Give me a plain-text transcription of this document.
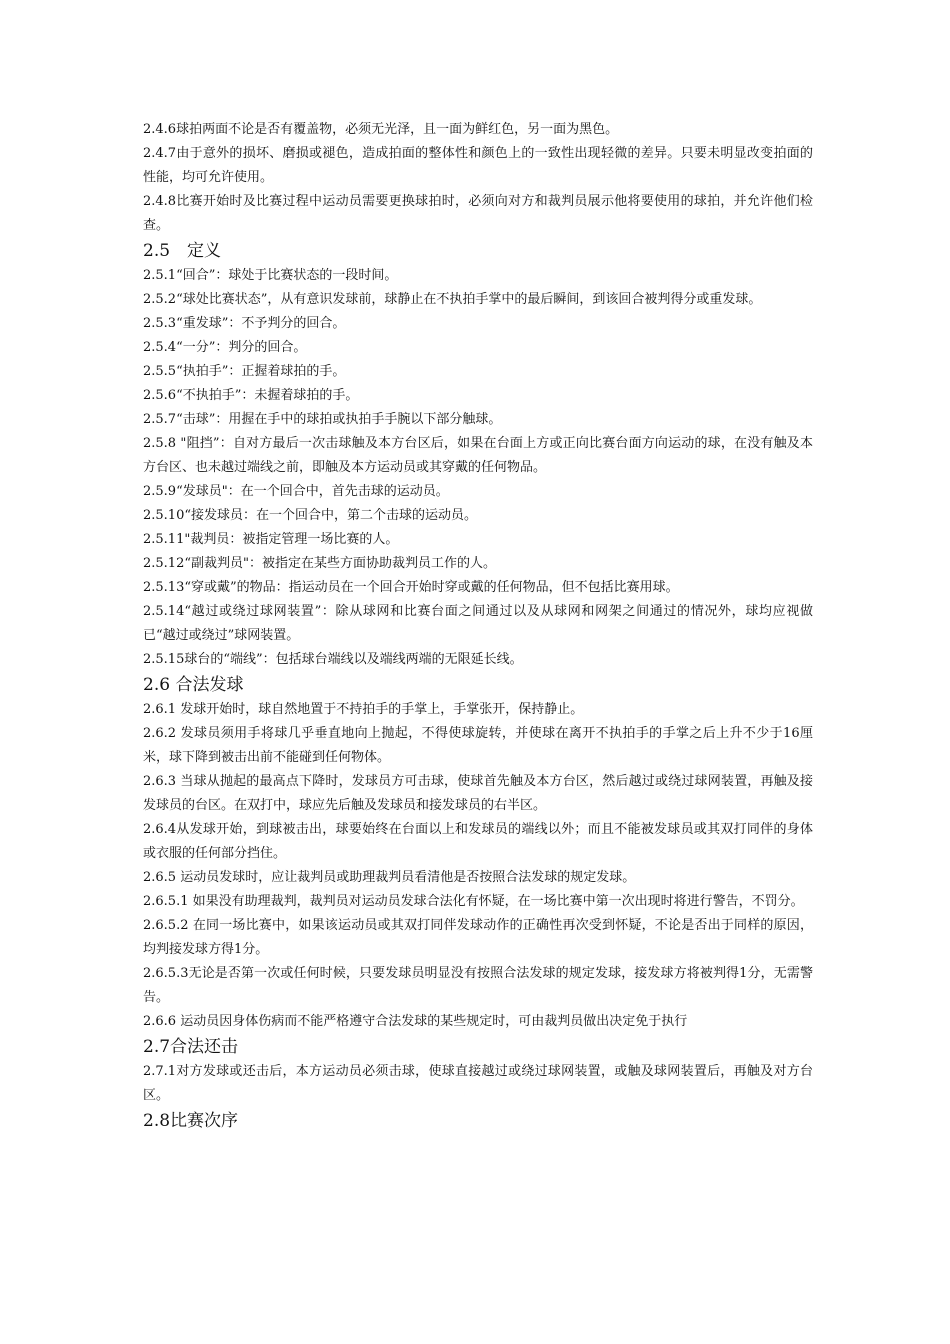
2.4.6球拍两面不论是否有覆盖物，必须无光泽，且一面为鲜红色，另一面为黑色。

2.4.7由于意外的损坏、磨损或褪色，造成拍面的整体性和颜色上的一致性出现轻微的差异。只要未明显改变拍面的性能，均可允许使用。

2.4.8比赛开始时及比赛过程中运动员需要更换球拍时，必须向对方和裁判员展示他将要使用的球拍，并允许他们检查。

2.5　定义

2.5.1“回合”：球处于比赛状态的一段时间。

2.5.2“球处比赛状态”，从有意识发球前，球静止在不执拍手掌中的最后瞬间，到该回合被判得分或重发球。

2.5.3“重发球”：不予判分的回合。

2.5.4“一分”：判分的回合。

2.5.5“执拍手”：正握着球拍的手。

2.5.6“不执拍手”：未握着球拍的手。

2.5.7“击球”：用握在手中的球拍或执拍手手腕以下部分触球。

2.5.8 "阻挡”：自对方最后一次击球触及本方台区后，如果在台面上方或正向比赛台面方向运动的球，在没有触及本方台区、也未越过端线之前，即触及本方运动员或其穿戴的任何物品。

2.5.9“发球员"：在一个回合中，首先击球的运动员。

2.5.10“接发球员：在一个回合中，第二个击球的运动员。

2.5.11"裁判员：被指定管理一场比赛的人。

2.5.12“副裁判员"：被指定在某些方面协助裁判员工作的人。

2.5.13“穿或戴”的物品：指运动员在一个回合开始时穿或戴的任何物品，但不包括比赛用球。

2.5.14“越过或绕过球网装置”：除从球网和比赛台面之间通过以及从球网和网架之间通过的情况外，球均应视做已“越过或绕过”球网装置。

2.5.15球台的“端线”：包括球台端线以及端线两端的无限延长线。

2.6 合法发球

2.6.1 发球开始时，球自然地置于不持拍手的手掌上，手掌张开，保持静止。

2.6.2 发球员须用手将球几乎垂直地向上抛起，不得使球旋转，并使球在离开不执拍手的手掌之后上升不少于16厘米，球下降到被击出前不能碰到任何物体。

2.6.3 当球从抛起的最高点下降时，发球员方可击球，使球首先触及本方台区，然后越过或绕过球网装置，再触及接发球员的台区。在双打中，球应先后触及发球员和接发球员的右半区。

2.6.4从发球开始，到球被击出，球要始终在台面以上和发球员的端线以外；而且不能被发球员或其双打同伴的身体或衣服的任何部分挡住。

2.6.5 运动员发球时，应让裁判员或助理裁判员看清他是否按照合法发球的规定发球。

2.6.5.1 如果没有助理裁判，裁判员对运动员发球合法化有怀疑，在一场比赛中第一次出现时将进行警告，不罚分。

2.6.5.2 在同一场比赛中，如果该运动员或其双打同伴发球动作的正确性再次受到怀疑，不论是否出于同样的原因，均判接发球方得1分。

2.6.5.3无论是否第一次或任何时候，只要发球员明显没有按照合法发球的规定发球，接发球方将被判得1分，无需警告。

2.6.6 运动员因身体伤病而不能严格遵守合法发球的某些规定时，可由裁判员做出决定免于执行

2.7合法还击

2.7.1对方发球或还击后，本方运动员必须击球，使球直接越过或绕过球网装置，或触及球网装置后，再触及对方台区。

2.8比赛次序
